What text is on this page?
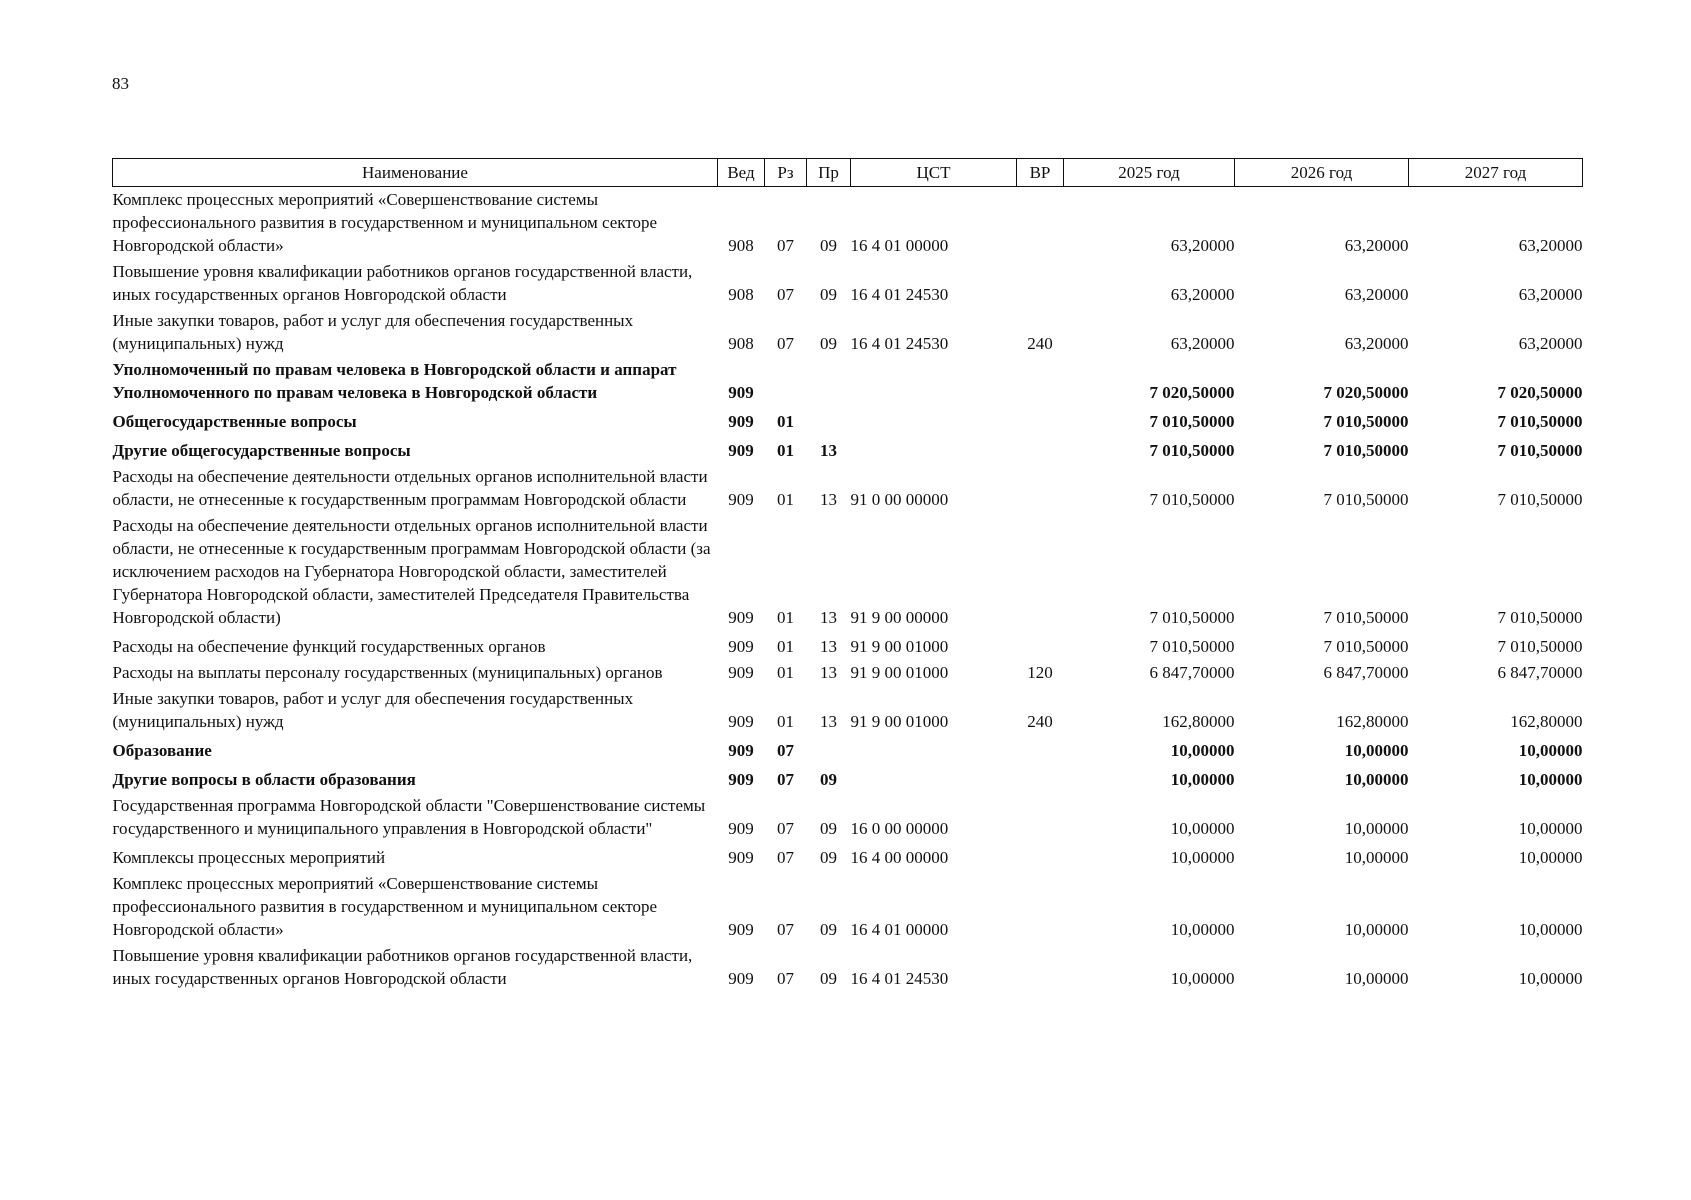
83
Наименование	Вед	Рз	Пр	ЦСТ	ВР	2025 год	2026 год	2027 год
Комплекс процессных мероприятий «Совершенствование системы профессионального развития в государственном и муниципальном секторе Новгородской области»	908	07	09	16 4 01 00000		63,20000	63,20000	63,20000
Повышение уровня квалификации работников органов государственной власти, иных государственных органов Новгородской области	908	07	09	16 4 01 24530		63,20000	63,20000	63,20000
Иные закупки товаров, работ и услуг для обеспечения государственных (муниципальных) нужд	908	07	09	16 4 01 24530	240	63,20000	63,20000	63,20000
Уполномоченный по правам человека в Новгородской области и аппарат Уполномоченного по правам человека в Новгородской области	909					7 020,50000	7 020,50000	7 020,50000
Общегосударственные вопросы	909	01				7 010,50000	7 010,50000	7 010,50000
Другие общегосударственные вопросы	909	01	13			7 010,50000	7 010,50000	7 010,50000
Расходы на обеспечение деятельности отдельных органов исполнительной власти области, не отнесенные к государственным программам Новгородской области	909	01	13	91 0 00 00000		7 010,50000	7 010,50000	7 010,50000
Расходы на обеспечение деятельности отдельных органов исполнительной власти области, не отнесенные к государственным программам Новгородской области (за исключением расходов на Губернатора Новгородской области, заместителей Губернатора Новгородской области, заместителей Председателя Правительства Новгородской области)	909	01	13	91 9 00 00000		7 010,50000	7 010,50000	7 010,50000
Расходы на обеспечение функций государственных органов	909	01	13	91 9 00 01000		7 010,50000	7 010,50000	7 010,50000
Расходы на выплаты персоналу государственных (муниципальных) органов	909	01	13	91 9 00 01000	120	6 847,70000	6 847,70000	6 847,70000
Иные закупки товаров, работ и услуг для обеспечения государственных (муниципальных) нужд	909	01	13	91 9 00 01000	240	162,80000	162,80000	162,80000
Образование	909	07				10,00000	10,00000	10,00000
Другие вопросы в области образования	909	07	09			10,00000	10,00000	10,00000
Государственная программа Новгородской области "Совершенствование системы государственного и муниципального управления в Новгородской области"	909	07	09	16 0 00 00000		10,00000	10,00000	10,00000
Комплексы процессных мероприятий	909	07	09	16 4 00 00000		10,00000	10,00000	10,00000
Комплекс процессных мероприятий «Совершенствование системы профессионального развития в государственном и муниципальном секторе Новгородской области»	909	07	09	16 4 01 00000		10,00000	10,00000	10,00000
Повышение уровня квалификации работников органов государственной власти, иных государственных органов Новгородской области	909	07	09	16 4 01 24530		10,00000	10,00000	10,00000
